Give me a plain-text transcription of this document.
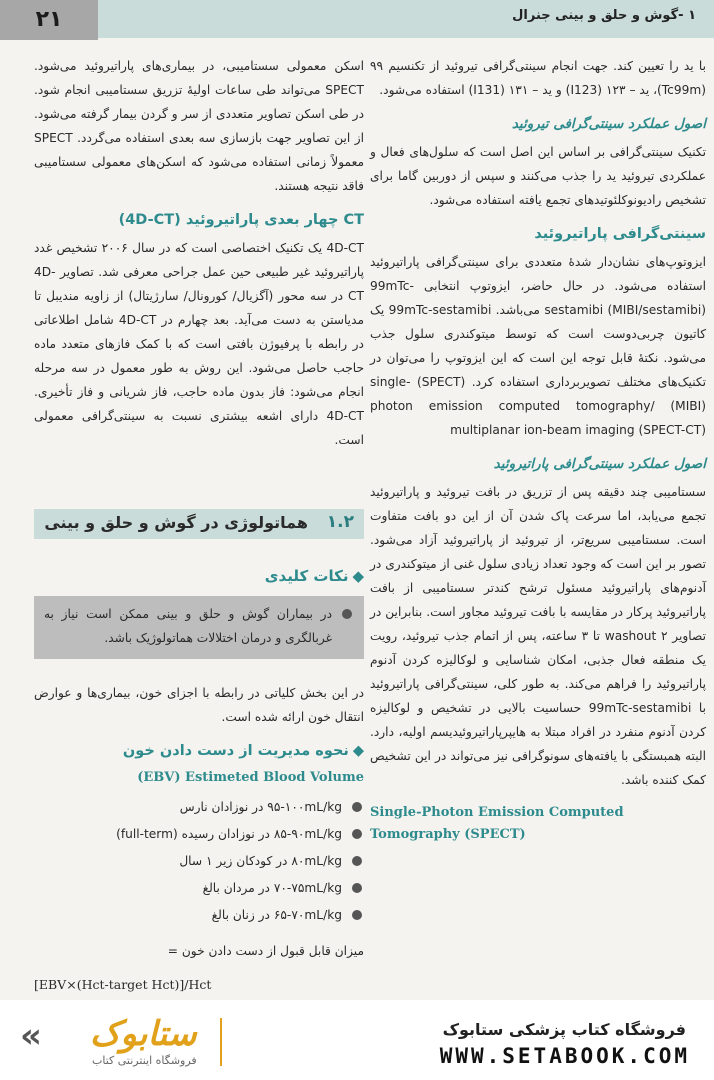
۲۱	۱ -گوش و حلق و بینی جنرال

با ید را تعیین کند. جهت انجام سینتی‌گرافی تیروئید از تکنسیم ۹۹ (Tc99m)، ید – ۱۲۳ (I123) و ید – ۱۳۱ (I131) استفاده می‌شود.

اصول عملکرد سینتی‌گرافی تیروئید

تکنیک سینتی‌گرافی بر اساس این اصل است که سلول‌های فعال و عملکردی تیروئید ید را جذب می‌کنند و سپس از دوربین گاما برای تشخیص رادیونوکلئوتیدهای تجمع یافته استفاده می‌شود.

سینتی‌گرافی پاراتیروئید

ایزوتوپ‌های نشان‌دار شدهٔ متعددی برای سینتی‌گرافی پاراتیروئید استفاده می‌شود. در حال حاضر، ایزوتوپ انتخابی 99mTc-sestamibi (MIBI/sestamibi) می‌باشد. 99mTc-sestamibi یک کاتیون چربی‌دوست است که توسط میتوکندری سلول جذب می‌شود. نکتهٔ قابل توجه این است که این ایزوتوپ را می‌توان در تکنیک‌های مختلف تصویربرداری استفاده کرد. (SPECT) single-photon emission computed tomography/ (MIBI) multiplanar ion-beam imaging (SPECT-CT)

اصول عملکرد سینتی‌گرافی پاراتیروئید

سستامیبی چند دقیقه پس از تزریق در بافت تیروئید و پاراتیروئید تجمع می‌یابد، اما سرعت پاک شدن آن از این دو بافت متفاوت است. سستامیبی سریع‌تر، از تیروئید از پاراتیروئید آزاد می‌شود. تصور بر این است که وجود تعداد زیادی سلول غنی از میتوکندری در آدنوم‌های پاراتیروئید مسئول ترشح کندتر سستامیبی از بافت پاراتیروئید پرکار در مقایسه با بافت تیروئید مجاور است. بنابراین در تصاویر washout ۲ تا ۳ ساعته، پس از اتمام جذب تیروئید، رویت یک منطقه فعال جذبی، امکان شناسایی و لوکالیزه کردن آدنوم پاراتیروئید را فراهم می‌کند. به طور کلی، سینتی‌گرافی پاراتیروئید با 99mTc-sestamibi حساسیت بالایی در تشخیص و لوکالیزه کردن آدنوم منفرد در افراد مبتلا به هایپرپاراتیروئیدیسم اولیه، دارد. البته همبستگی با یافته‌های سونوگرافی نیز می‌تواند در این تشخیص کمک کننده باشد.

Single-Photon Emission Computed Tomography (SPECT)

اسکن معمولی سستامیبی، در بیماری‌های پاراتیروئید می‌شود. SPECT می‌تواند طی ساعات اولیهٔ تزریق سستامیبی انجام شود. در طی اسکن تصاویر متعددی از سر و گردن بیمار گرفته می‌شود. از این تصاویر جهت بازسازی سه بعدی استفاده می‌گردد. SPECT معمولاً زمانی استفاده می‌شود که اسکن‌های معمولی سستامیبی فاقد نتیجه هستند.

CT چهار بعدی پاراتیروئید (4D-CT)

4D-CT یک تکنیک اختصاصی است که در سال ۲۰۰۶ تشخیص غدد پاراتیروئید غیر طبیعی حین عمل جراحی معرفی شد. تصاویر 4D-CT در سه محور (آگزیال/ کورونال/ سارژیتال) از زاویه مندیبل تا مدیاستن به دست می‌آید. بعد چهارم در 4D-CT شامل اطلاعاتی در رابطه با پرفیوژن بافتی است که با کمک فازهای متعدد ماده حاجب حاصل می‌شود. این روش به طور معمول در سه مرحله انجام می‌شود: فاز بدون ماده حاجب، فاز شریانی و فاز تأخیری. 4D-CT دارای اشعه بیشتری نسبت به سینتی‌گرافی معمولی است.

۱.۲
هماتولوژی در گوش و حلق و بینی
◆نکات کلیدی
در بیماران گوش و حلق و بینی ممکن است نیاز به غربالگری و درمان اختلالات هماتولوژیک باشد.

در این بخش کلیاتی در رابطه با اجزای خون، بیماری‌ها و عوارض انتقال خون ارائه شده است.

◆نحوه مدیریت از دست دادن خون
(EBV) Estimeted Blood Volume
۹۵-۱۰۰mL/kg در نوزادان نارس
۸۵-۹۰mL/kg در نوزادان رسیده (full-term)
۸۰mL/kg در کودکان زیر ۱ سال
۷۰-۷۵mL/kg در مردان بالغ
۶۵-۷۰mL/kg در زنان بالغ

میزان قابل قبول از دست دادن خون =

[EBV×(Hct-target Hct)]/Hct
« ستابوک
فروشگاه اینترنتی کتاب
فروشگاه کتاب پزشکی ستابوک
WWW.SETABOOK.COM
